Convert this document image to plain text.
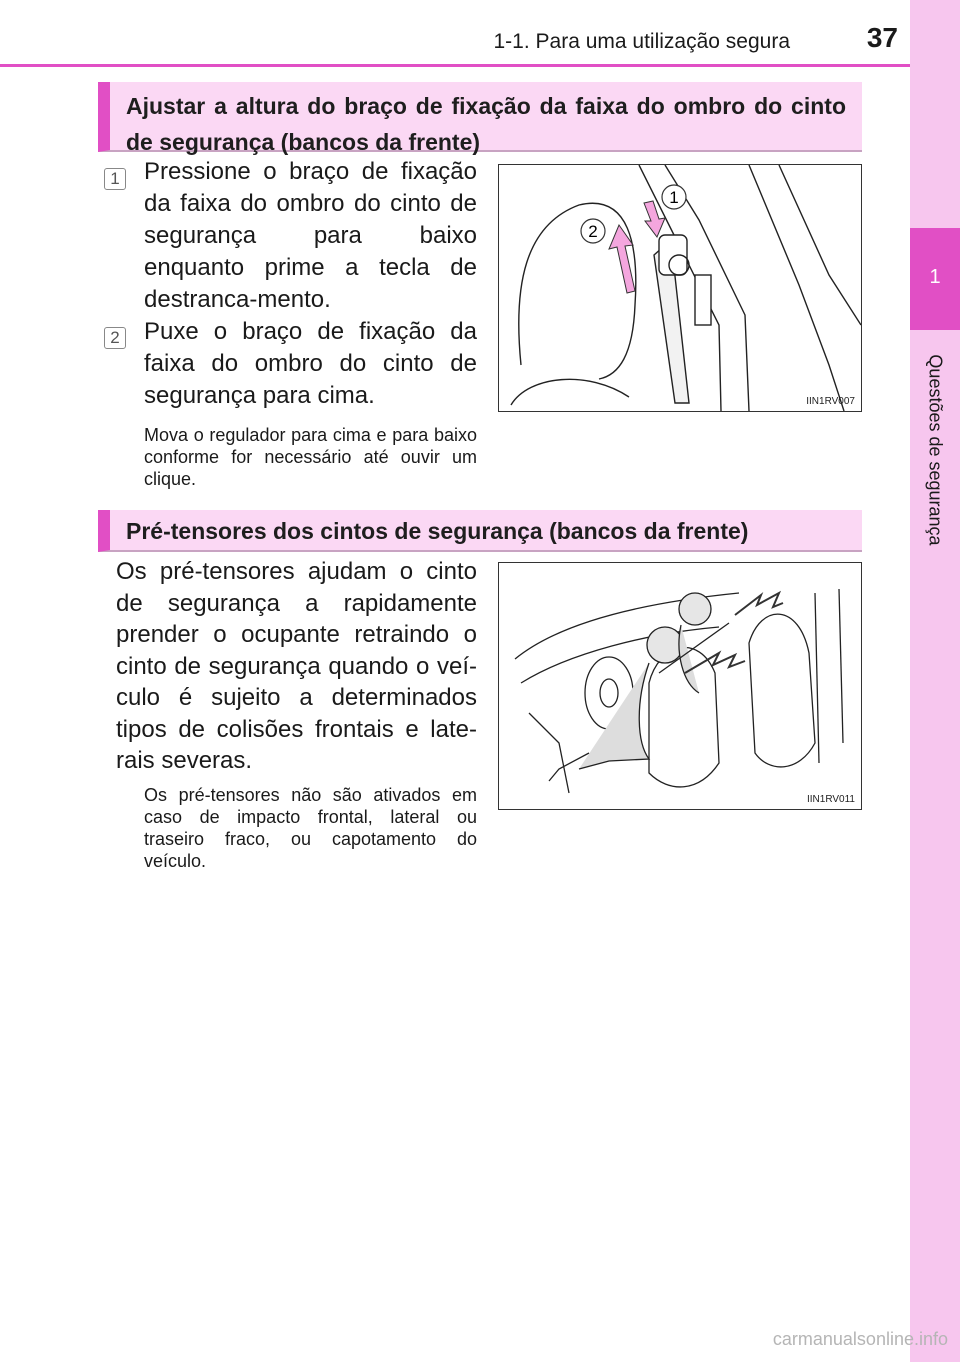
1-1. Para uma utilização segura	37
1
Questões de segurança
Ajustar a altura do braço de fixação da faixa do ombro do cinto de segurança (bancos da frente)
1 Pressione o braço de fixação da faixa do ombro do cinto de segurança para baixo enquanto prime a tecla de destranca-mento.
2 Puxe o braço de fixação da faixa do ombro do cinto de segurança para cima.
Mova o regulador para cima e para baixo conforme for necessário até ouvir um clique.
1
2
IIN1RV007
Pré-tensores dos cintos de segurança (bancos da frente)
Os pré-tensores ajudam o cinto de segurança a rapidamente prender o ocupante retraindo o cinto de segurança quando o veí-culo é sujeito a determinados tipos de colisões frontais e late-rais severas.
Os pré-tensores não são ativados em caso de impacto frontal, lateral ou traseiro fraco, ou capotamento do veículo.
IIN1RV011
carmanualsonline.info
